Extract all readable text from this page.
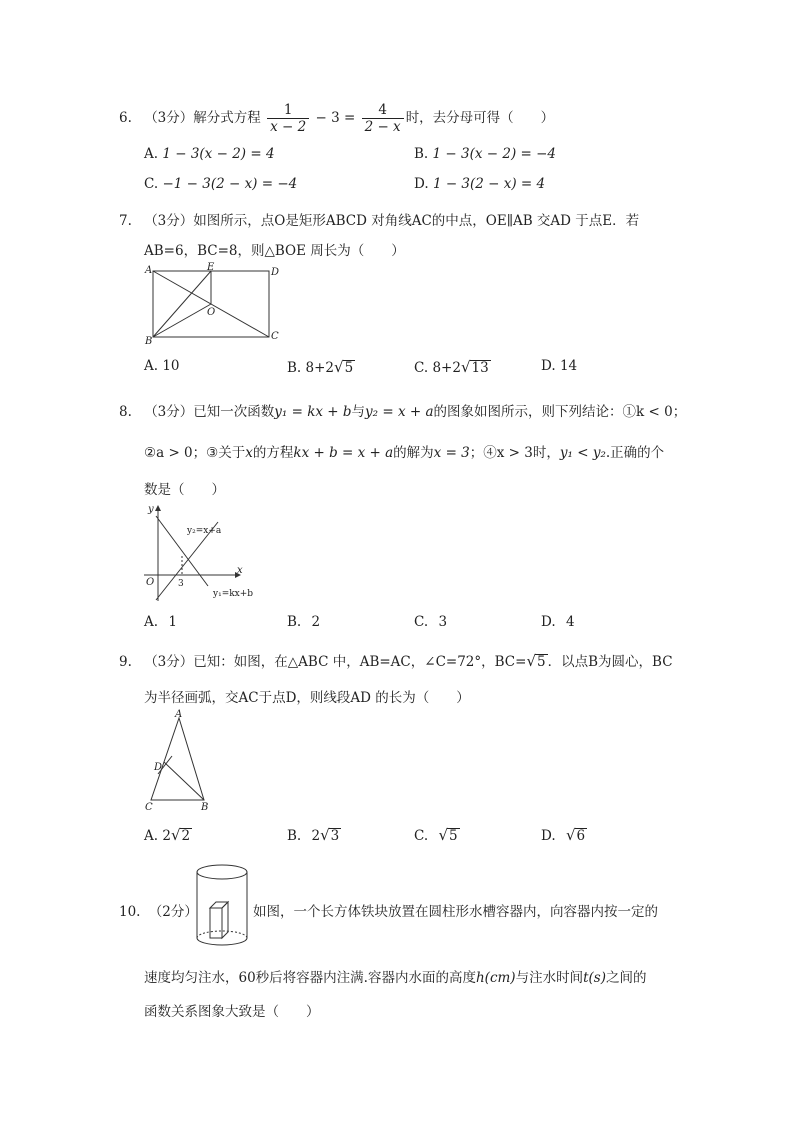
6. （3分）解分式方程 $\frac{1}{x - 2} - 3 = \frac{4}{2 - x}$ 时，去分母可得（　　）
A. 1 − 3(x − 2) = 4	B. 1 − 3(x − 2) = −4
C. −1 − 3(2 − x) = −4	D. 1 − 3(2 − x) = 4
7. （3分）如图所示，点O是矩形ABCD 对角线AC的中点，OE∥AB 交AD 于点E．若
AB=6，BC=8，则△BOE 周长为（　　）
A	E	D
O
B	C
A. 10	B. 8+2√5	C. 8+2√13	D. 14
8. （3分）已知一次函数y₁ = kx + b与y₂ = x + a的图象如图所示，则下列结论：①k < 0；
②a > 0；③关于x的方程kx + b = x + a的解为x = 3；④x > 3时，y₁ < y₂.正确的个
数是（　　）
y
x
O	3
y₂=x+a
y₁=kx+b
A. 1	B. 2	C. 3	D. 4
9. （3分）已知：如图，在△ABC 中，AB=AC，∠C=72°，BC=√5 ．以点B为圆心，BC
为半径画弧，交AC于点D，则线段AD 的长为（　　）
A
D
C	B
A. 2√2	B. 2√3	C. √5	D. √6
10. （2分）	如图，一个长方体铁块放置在圆柱形水槽容器内，向容器内按一定的
速度均匀注水，60秒后将容器内注满.容器内水面的高度h(cm)与注水时间t(s)之间的
函数关系图象大致是（　　）
